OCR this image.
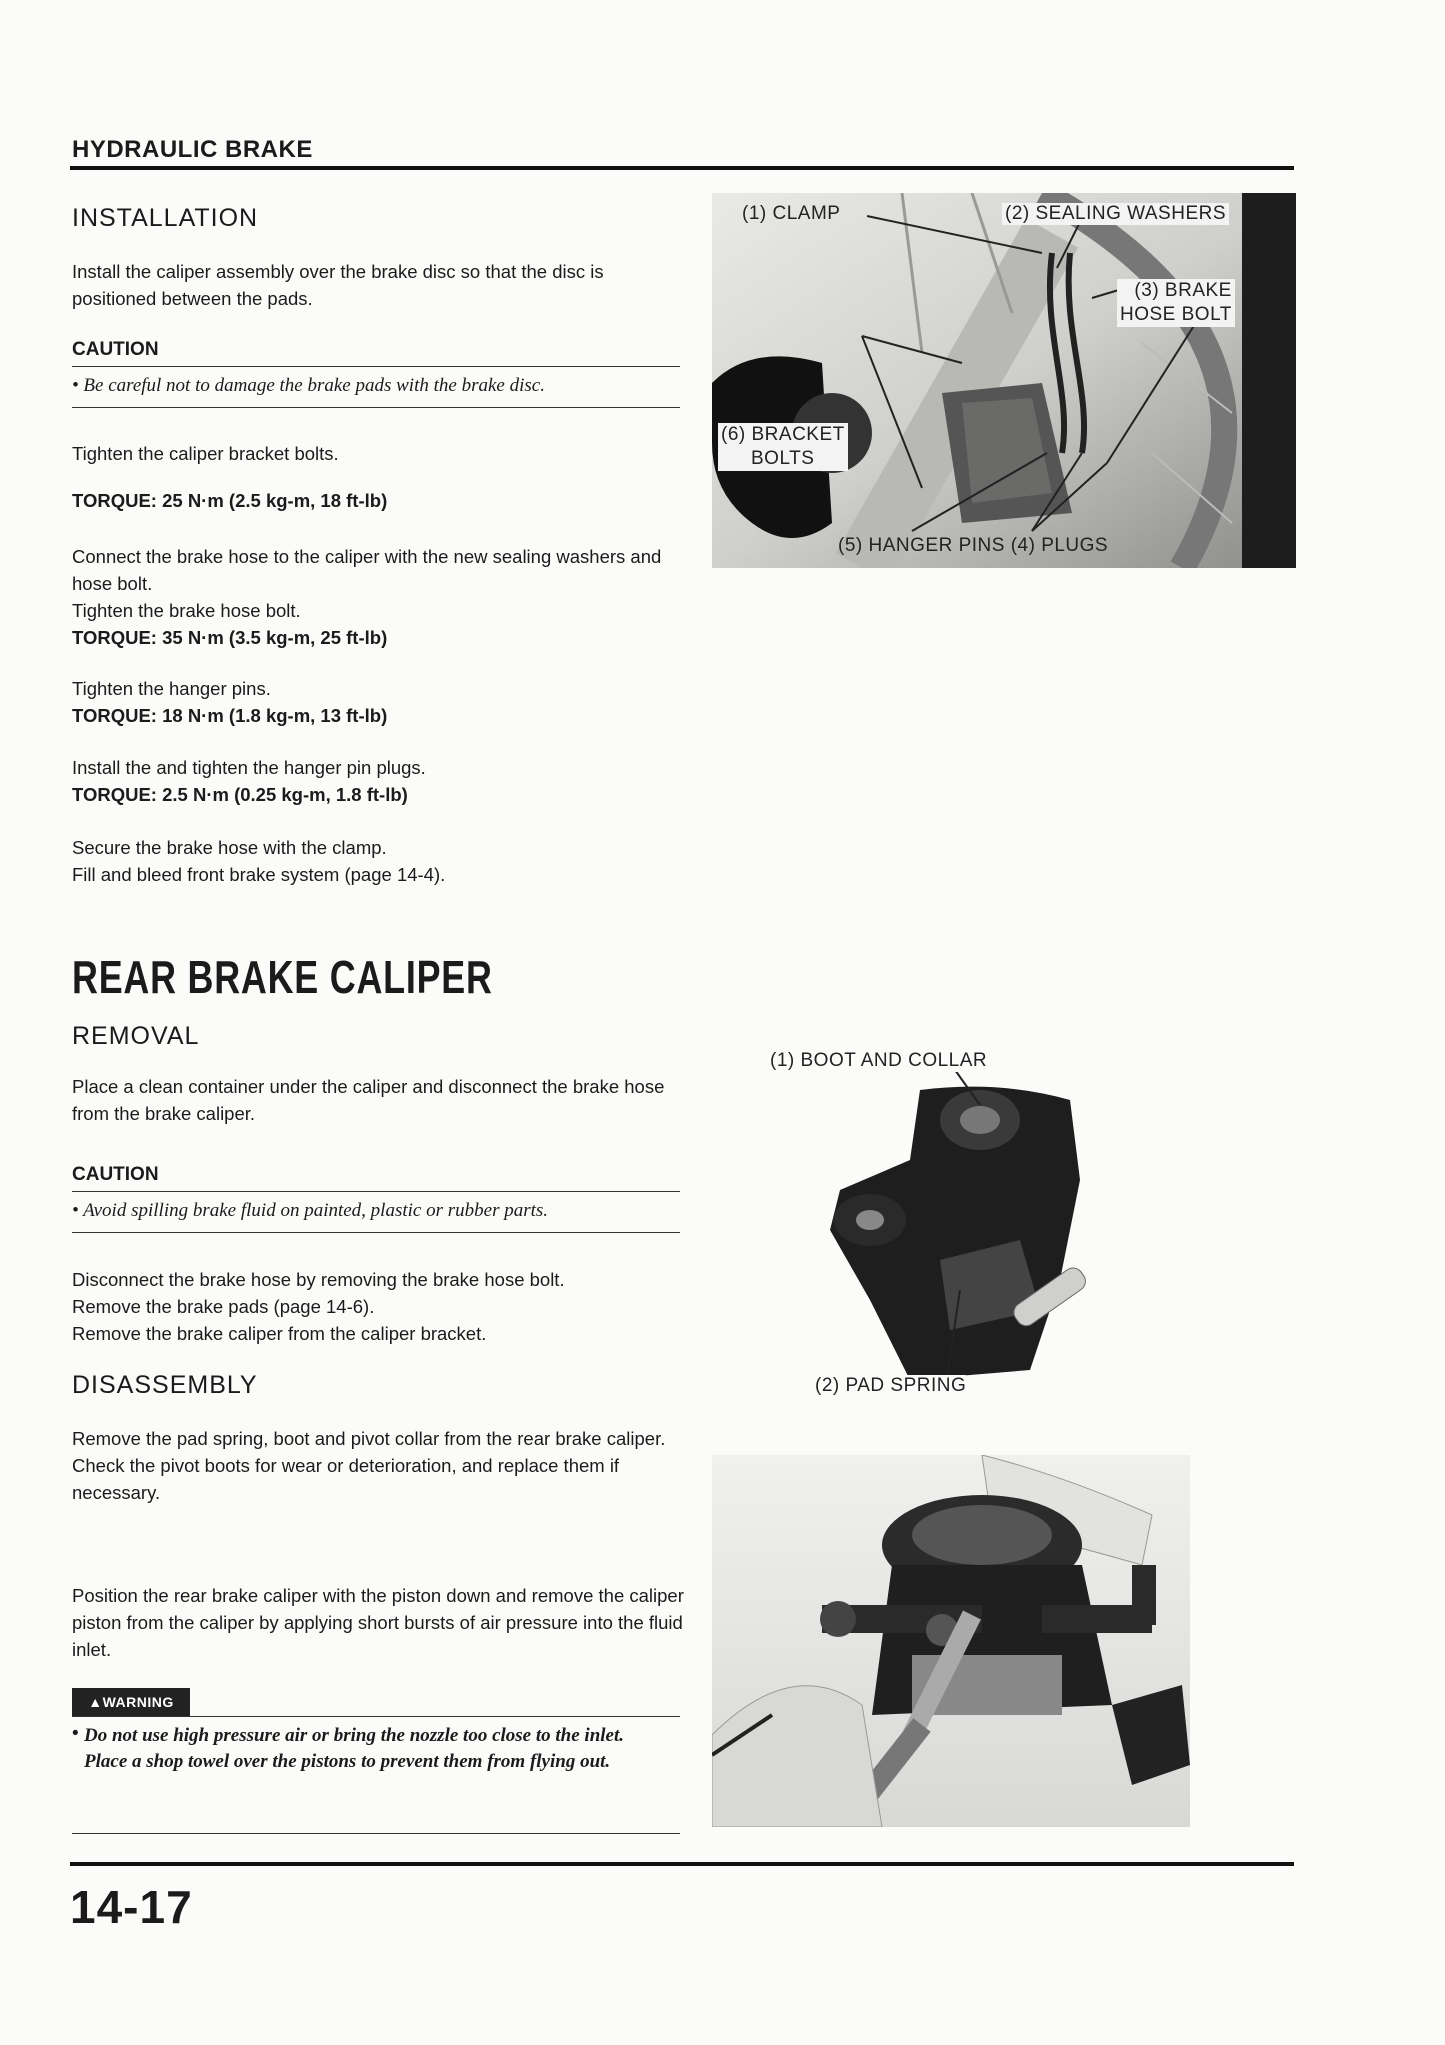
HYDRAULIC BRAKE
INSTALLATION

Install the caliper assembly over the brake disc so that the disc is positioned between the pads.

CAUTION
• Be careful not to damage the brake pads with the brake disc.

Tighten the caliper bracket bolts.

TORQUE: 25 N·m (2.5 kg-m, 18 ft-lb)

Connect the brake hose to the caliper with the new sealing washers and hose bolt.

Tighten the brake hose bolt.

TORQUE: 35 N·m (3.5 kg-m, 25 ft-lb)

Tighten the hanger pins.

TORQUE: 18 N·m (1.8 kg-m, 13 ft-lb)

Install the and tighten the hanger pin plugs.

TORQUE: 2.5 N·m (0.25 kg-m, 1.8 ft-lb)

Secure the brake hose with the clamp.

Fill and bleed front brake system (page 14-4).

(1) CLAMP	(2) SEALING WASHERS
(3) BRAKE
HOSE BOLT
(6) BRACKET
BOLTS
(5) HANGER PINS (4) PLUGS
REAR BRAKE CALIPER
REMOVAL

Place a clean container under the caliper and disconnect the brake hose from the brake caliper.

CAUTION
• Avoid spilling brake fluid on painted, plastic or rubber parts.

Disconnect the brake hose by removing the brake hose bolt.

Remove the brake pads (page 14-6).

Remove the brake caliper from the caliper bracket.

DISASSEMBLY

Remove the pad spring, boot and pivot collar from the rear brake caliper.

Check the pivot boots for wear or deterioration, and replace them if necessary.

Position the rear brake caliper with the piston down and remove the caliper piston from the caliper by applying short bursts of air pressure into the fluid inlet.

▲WARNING
• Do not use high pressure air or bring the nozzle too close to the inlet.
Place a shop towel over the pistons to prevent them from flying out.
(1) BOOT AND COLLAR
(2) PAD SPRING
14-17
